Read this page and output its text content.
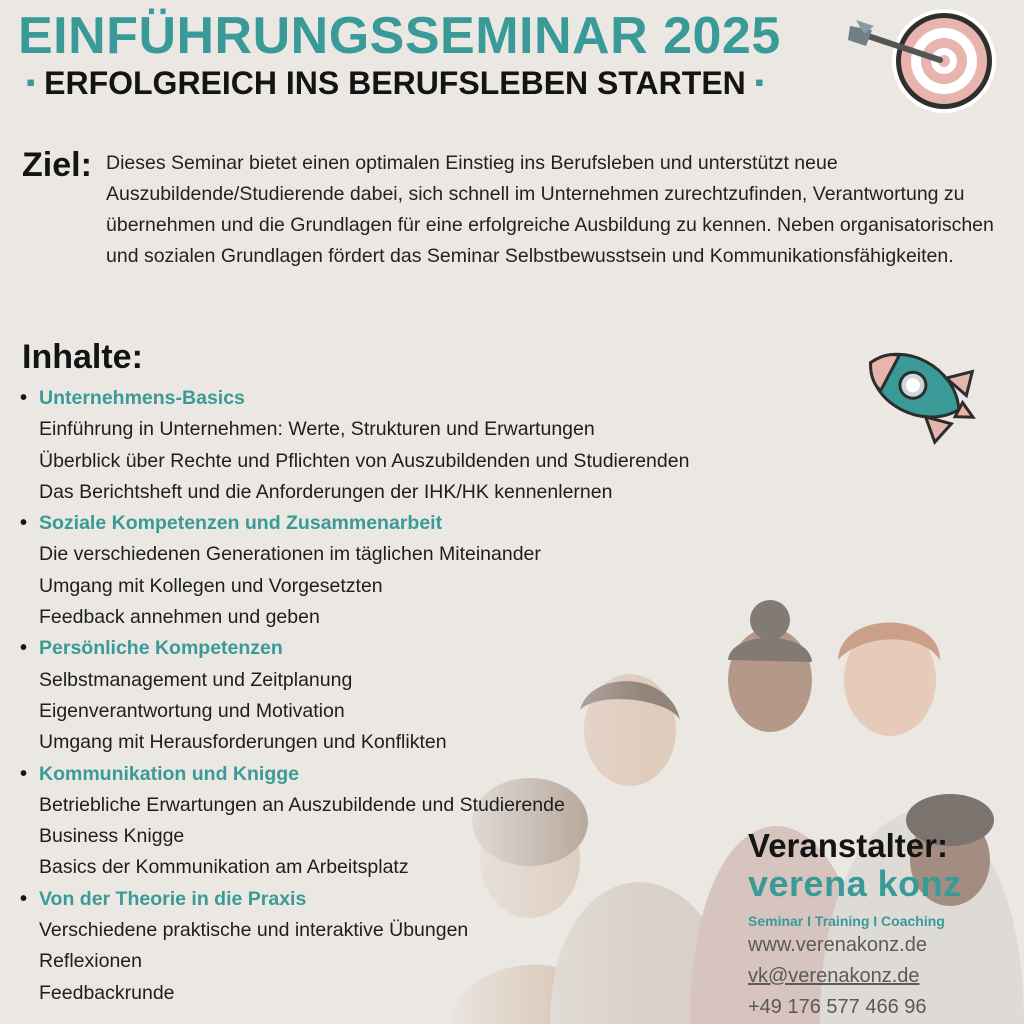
EINFÜHRUNGSSEMINAR 2025
▪ ERFOLGREICH INS BERUFSLEBEN STARTEN ▪
Ziel: Dieses Seminar bietet einen optimalen Einstieg ins Berufsleben und unterstützt neue Auszubildende/Studierende dabei, sich schnell im Unternehmen zurechtzufinden, Verantwortung zu übernehmen und die Grundlagen für eine erfolgreiche Ausbildung zu kennen. Neben organisatorischen und sozialen Grundlagen fördert das Seminar Selbstbewusstsein und Kommunikationsfähigkeiten.

Inhalte:
• Unternehmens-Basics
Einführung in Unternehmen: Werte, Strukturen und Erwartungen
Überblick über Rechte und Pflichten von Auszubildenden und Studierenden
Das Berichtsheft und die Anforderungen der IHK/HK kennenlernen
• Soziale Kompetenzen und Zusammenarbeit
Die verschiedenen Generationen im täglichen Miteinander
Umgang mit Kollegen und Vorgesetzten
Feedback annehmen und geben
• Persönliche Kompetenzen
Selbstmanagement und Zeitplanung
Eigenverantwortung und Motivation
Umgang mit Herausforderungen und Konflikten
• Kommunikation und Knigge
Betriebliche Erwartungen an Auszubildende und Studierende
Business Knigge
Basics der Kommunikation am Arbeitsplatz
• Von der Theorie in die Praxis
Verschiedene praktische und interaktive Übungen
Reflexionen
Feedbackrunde
Veranstalter:
verena konz
Seminar I Training I Coaching
www.verenakonz.de
vk@verenakonz.de
+49 176 577 466 96
